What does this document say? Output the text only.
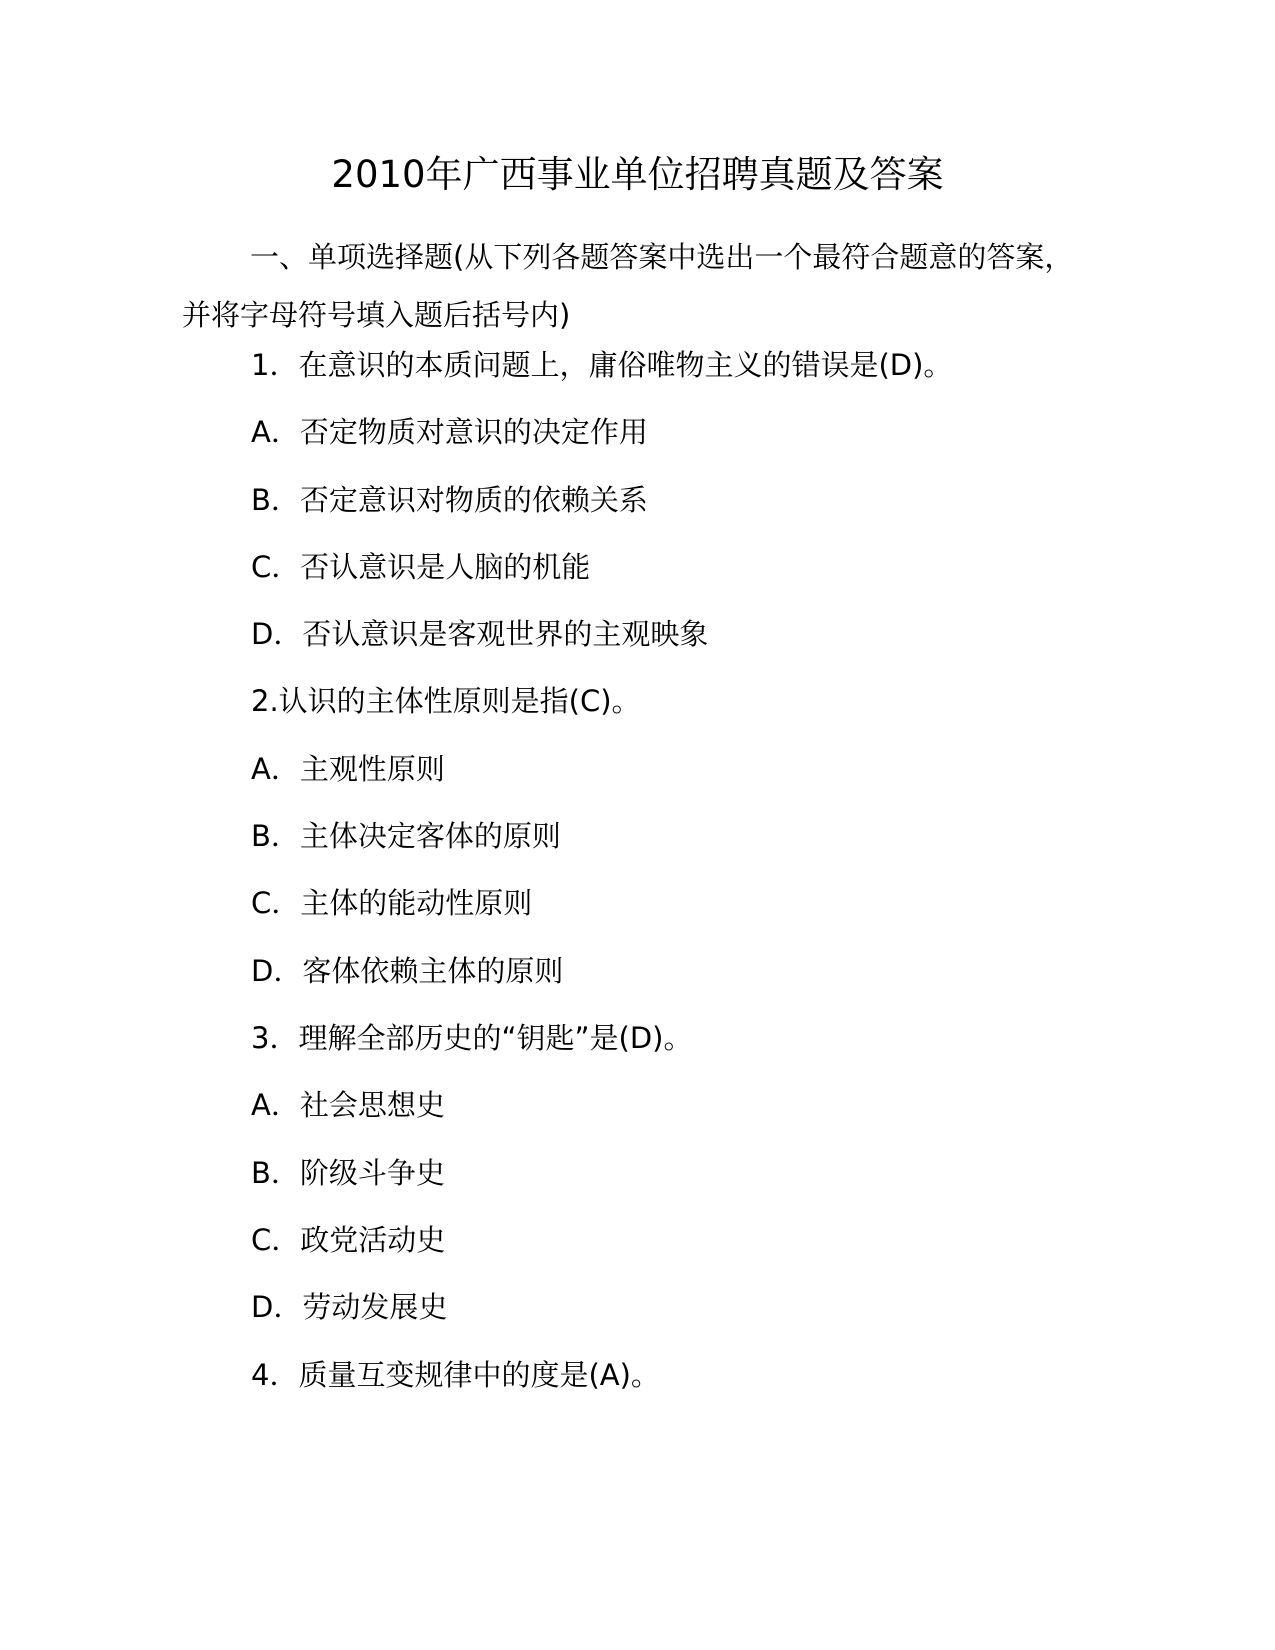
2010年广西事业单位招聘真题及答案
一、单项选择题(从下列各题答案中选出一个最符合题意的答案，并将字母符号填入题后括号内)
1．在意识的本质问题上，庸俗唯物主义的错误是(D)。
A．否定物质对意识的决定作用
B．否定意识对物质的依赖关系
C．否认意识是人脑的机能
D．否认意识是客观世界的主观映象
2.认识的主体性原则是指(C)。
A．主观性原则
B．主体决定客体的原则
C．主体的能动性原则
D．客体依赖主体的原则
3．理解全部历史的“钥匙”是(D)。
A．社会思想史
B．阶级斗争史
C．政党活动史
D．劳动发展史
4．质量互变规律中的度是(A)。
